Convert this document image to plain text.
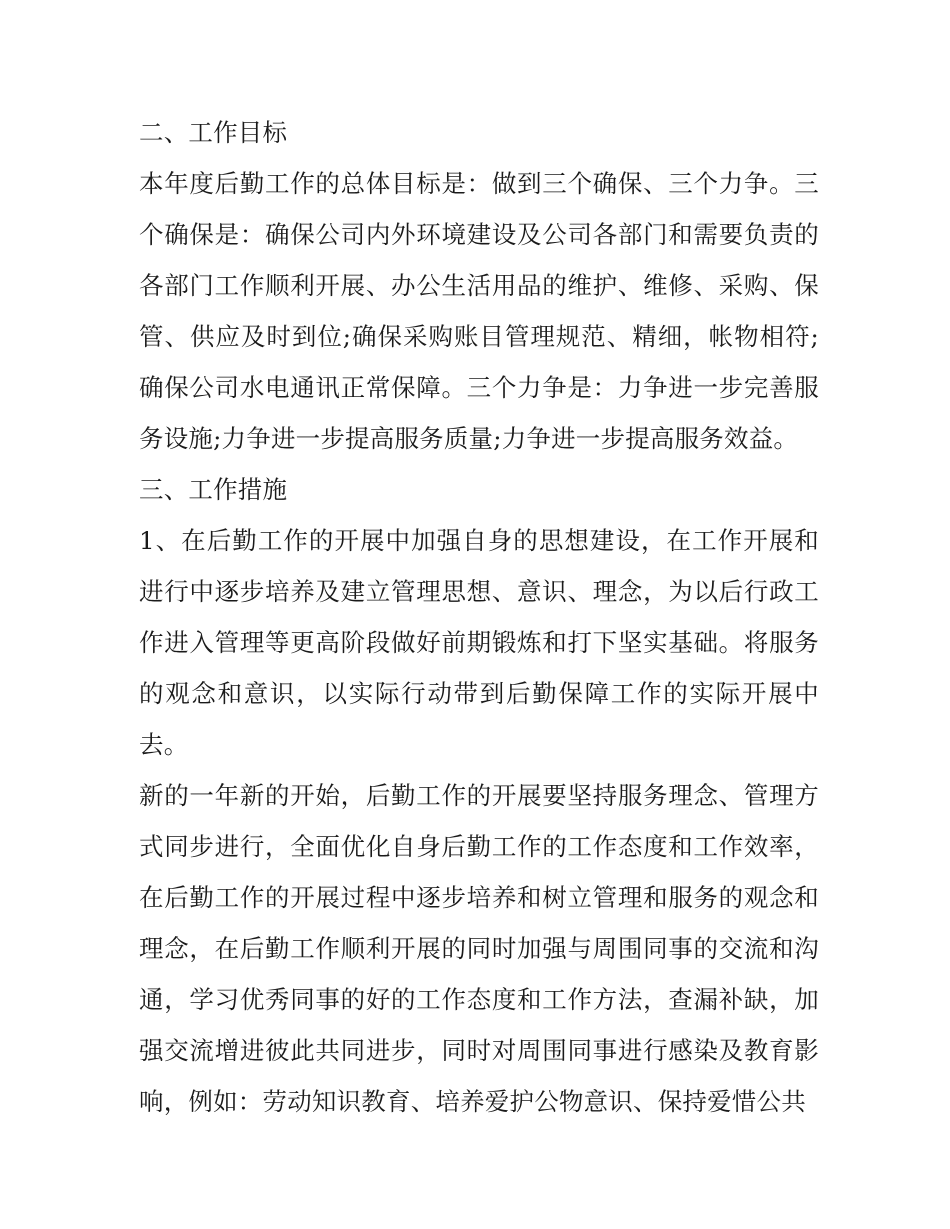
二、工作目标

本年度后勤工作的总体目标是：做到三个确保、三个力争。三个确保是：确保公司内外环境建设及公司各部门和需要负责的各部门工作顺利开展、办公生活用品的维护、维修、采购、保管、供应及时到位;确保采购账目管理规范、精细，帐物相符;确保公司水电通讯正常保障。三个力争是：力争进一步完善服务设施;力争进一步提高服务质量;力争进一步提高服务效益。

三、工作措施

1、在后勤工作的开展中加强自身的思想建设，在工作开展和进行中逐步培养及建立管理思想、意识、理念，为以后行政工作进入管理等更高阶段做好前期锻炼和打下坚实基础。将服务的观念和意识，以实际行动带到后勤保障工作的实际开展中去。

新的一年新的开始，后勤工作的开展要坚持服务理念、管理方式同步进行，全面优化自身后勤工作的工作态度和工作效率，在后勤工作的开展过程中逐步培养和树立管理和服务的观念和理念，在后勤工作顺利开展的同时加强与周围同事的交流和沟通，学习优秀同事的好的工作态度和工作方法，查漏补缺，加强交流增进彼此共同进步，同时对周围同事进行感染及教育影响，例如：劳动知识教育、培养爱护公物意识、保持爱惜公共
